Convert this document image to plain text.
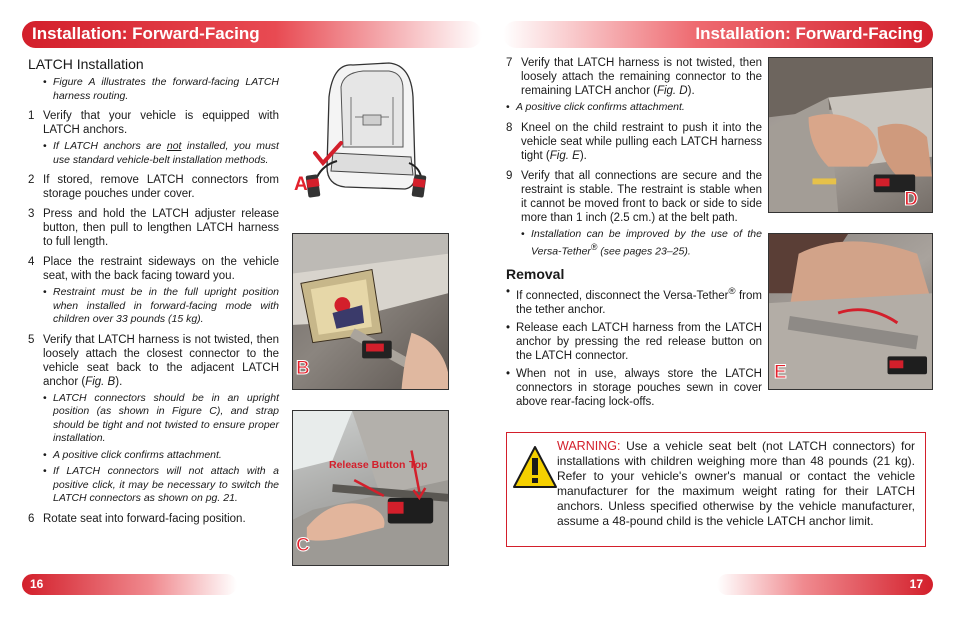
Installation: Forward-Facing	Installation: Forward-Facing
LATCH Installation
• Figure A illustrates the forward-facing LATCH harness routing.
1 Verify that your vehicle is equipped with LATCH anchors.
• If LATCH anchors are not installed, you must use standard vehicle-belt installation methods.
2 If stored, remove LATCH connectors from storage pouches under cover.
3 Press and hold the LATCH adjuster release button, then pull to lengthen LATCH harness to full length.
4 Place the restraint sideways on the vehicle seat, with the back facing toward you.
• Restraint must be in the full upright position when installed in forward-facing mode with children over 33 pounds (15 kg).
5 Verify that LATCH harness is not twisted, then loosely attach the closest connector to the vehicle seat back to the adjacent LATCH anchor (Fig. B).
• LATCH connectors should be in an upright position (as shown in Figure C), and strap should be tight and not twisted to ensure proper installation.
• A positive click confirms attachment.
• If LATCH connectors will not attach with a positive click, it may be necessary to switch the LATCH connectors as shown on pg. 21.
6 Rotate seat into forward-facing position.
A
B
Release Button Top
C
7 Verify that LATCH harness is not twisted, then loosely attach the remaining connector to the remaining LATCH anchor (Fig. D).
• A positive click confirms attachment.
8 Kneel on the child restraint to push it into the vehicle seat while pulling each LATCH harness tight (Fig. E).
9 Verify that all connections are secure and the restraint is stable. The restraint is stable when it cannot be moved front to back or side to side more than 1 inch (2.5 cm.) at the belt path.
• Installation can be improved by the use of the Versa-Tether® (see pages 23–25).
Removal
• If connected, disconnect the Versa-Tether® from the tether anchor.
• Release each LATCH harness from the LATCH anchor by pressing the red release button on the LATCH connector.
• When not in use, always store the LATCH connectors in storage pouches sewn in cover above rear-facing lock-offs.
D
E
WARNING: Use a vehicle seat belt (not LATCH connectors) for installations with children weighing more than 48 pounds (21 kg). Refer to your vehicle's owner's manual or contact the vehicle manufacturer for the maximum weight rating for their LATCH anchors. Unless specified otherwise by the vehicle manufacturer, assume a 48-pound child is the vehicle LATCH anchor limit.
16	17
